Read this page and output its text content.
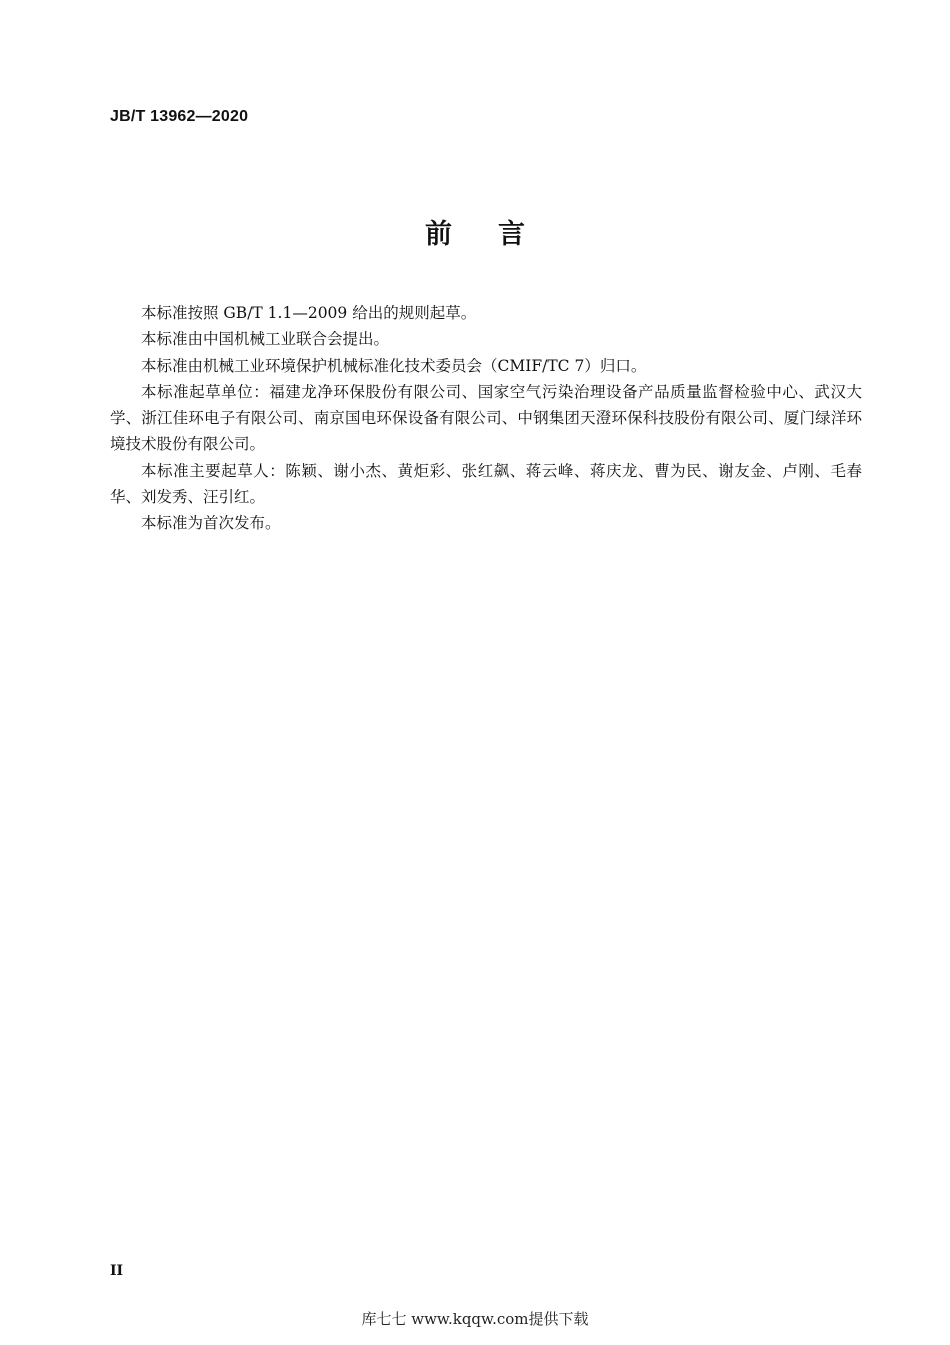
JB/T 13962—2020
前言

本标准按照 GB/T 1.1—2009 给出的规则起草。

本标准由中国机械工业联合会提出。

本标准由机械工业环境保护机械标准化技术委员会（CMIF/TC 7）归口。

本标准起草单位：福建龙净环保股份有限公司、国家空气污染治理设备产品质量监督检验中心、武汉大学、浙江佳环电子有限公司、南京国电环保设备有限公司、中钢集团天澄环保科技股份有限公司、厦门绿洋环境技术股份有限公司。

本标准主要起草人：陈颖、谢小杰、黄炬彩、张红飙、蒋云峰、蒋庆龙、曹为民、谢友金、卢刚、毛春华、刘发秀、汪引红。

本标准为首次发布。

II
库七七 www.kqqw.com提供下载
